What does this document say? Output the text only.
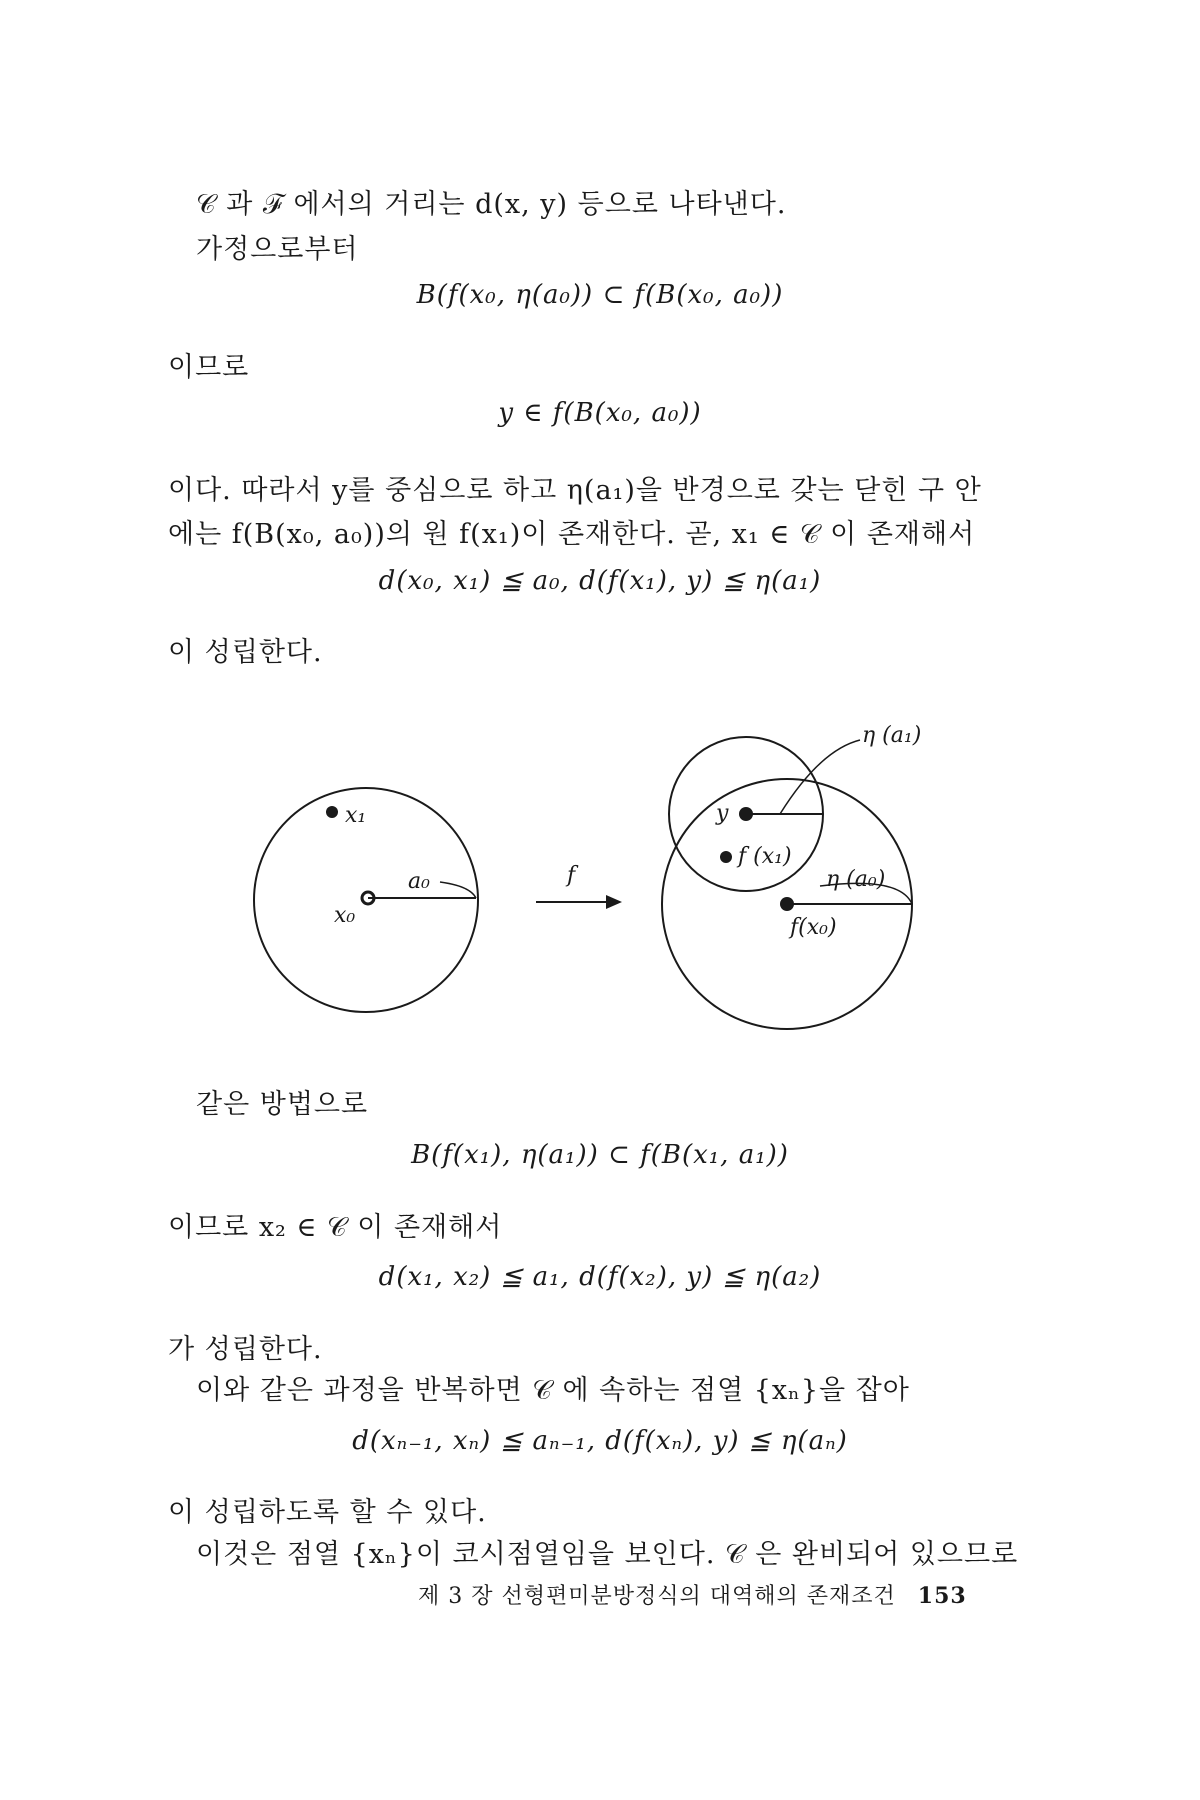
𝒞 과 ℱ 에서의 거리는 d(x, y) 등으로 나타낸다.
가정으로부터
B(f(x₀, η(a₀)) ⊂ f(B(x₀, a₀))
이므로
y ∈ f(B(x₀, a₀))
이다. 따라서 y를 중심으로 하고 η(a₁)을 반경으로 갖는 닫힌 구 안
에는 f(B(x₀, a₀))의 원 f(x₁)이 존재한다. 곧, x₁ ∈ 𝒞 이 존재해서
d(x₀, x₁) ≦ a₀, d(f(x₁), y) ≦ η(a₁)
이 성립한다.
x₁
x₀
a₀	f
y
η (a₁)
f (x₁)
η (a₀)
f(x₀)
같은 방법으로
B(f(x₁), η(a₁)) ⊂ f(B(x₁, a₁))
이므로 x₂ ∈ 𝒞 이 존재해서
d(x₁, x₂) ≦ a₁, d(f(x₂), y) ≦ η(a₂)
가 성립한다.
이와 같은 과정을 반복하면 𝒞 에 속하는 점열 {xₙ}을 잡아
d(xₙ₋₁, xₙ) ≦ aₙ₋₁, d(f(xₙ), y) ≦ η(aₙ)
이 성립하도록 할 수 있다.
이것은 점열 {xₙ}이 코시점열임을 보인다. 𝒞 은 완비되어 있으므로
제 3 장 선형편미분방정식의 대역해의 존재조건 153
